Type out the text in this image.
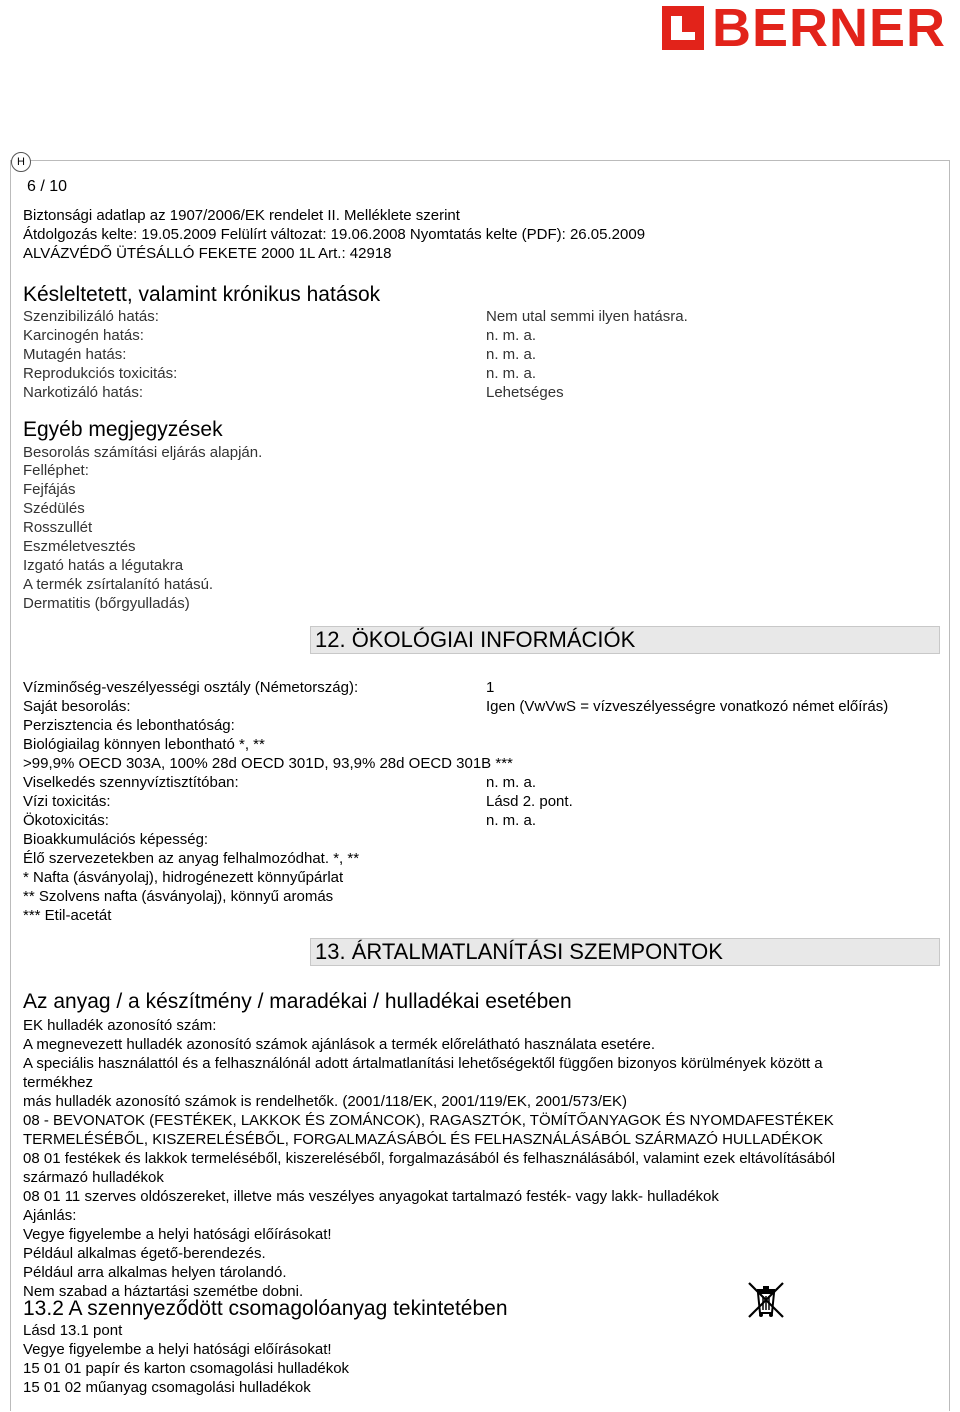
BERNER
H
6 / 10
Biztonsági adatlap az 1907/2006/EK rendelet II. Melléklete szerint
Átdolgozás kelte: 19.05.2009 Felülírt változat: 19.06.2008 Nyomtatás kelte (PDF): 26.05.2009
ALVÁZVÉDŐ ÜTÉSÁLLÓ FEKETE 2000 1L Art.: 42918
Késleltetett, valamint krónikus hatások
Szenzibilizáló hatás:	Nem utal semmi ilyen hatásra.
Karcinogén hatás:	n. m. a.
Mutagén hatás:	n. m. a.
Reprodukciós toxicitás:	n. m. a.
Narkotizáló hatás:	Lehetséges
Egyéb megjegyzések
Besorolás számítási eljárás alapján.
Felléphet:
Fejfájás
Szédülés
Rosszullét
Eszméletvesztés
Izgató hatás a légutakra
A termék zsírtalanító hatású.
Dermatitis (bőrgyulladás)
12. ÖKOLÓGIAI INFORMÁCIÓK
Vízminőség-veszélyességi osztály (Németország):	1
Saját besorolás:	Igen (VwVwS = vízveszélyességre vonatkozó német előírás)
Perzisztencia és lebonthatóság:
Biológiailag könnyen lebontható *, **
>99,9% OECD 303A, 100% 28d OECD 301D, 93,9% 28d OECD 301B ***
Viselkedés szennyvíztisztítóban:	n. m. a.
Vízi toxicitás:	Lásd 2. pont.
Ökotoxicitás:	n. m. a.
Bioakkumulációs képesség:
Élő szervezetekben az anyag felhalmozódhat. *, **
* Nafta (ásványolaj), hidrogénezett könnyűpárlat
** Szolvens nafta (ásványolaj), könnyű aromás
*** Etil-acetát
13. ÁRTALMATLANÍTÁSI SZEMPONTOK
Az anyag / a készítmény / maradékai / hulladékai esetében
EK hulladék azonosító szám:
A megnevezett hulladék azonosító számok ajánlások a termék előrelátható használata esetére.
A speciális használattól és a felhasználónál adott ártalmatlanítási lehetőségektől függően bizonyos körülmények között a
termékhez
más hulladék azonosító számok is rendelhetők. (2001/118/EK, 2001/119/EK, 2001/573/EK)
08 - BEVONATOK (FESTÉKEK, LAKKOK ÉS ZOMÁNCOK), RAGASZTÓK, TÖMÍTŐANYAGOK ÉS NYOMDAFESTÉKEK
TERMELÉSÉBŐL, KISZERELÉSÉBŐL, FORGALMAZÁSÁBÓL ÉS FELHASZNÁLÁSÁBÓL SZÁRMAZÓ HULLADÉKOK
08 01 festékek és lakkok termeléséből, kiszereléséből, forgalmazásából és felhasználásából, valamint ezek eltávolításából
származó hulladékok
08 01 11 szerves oldószereket, illetve más veszélyes anyagokat tartalmazó festék- vagy lakk- hulladékok
Ajánlás:
Vegye figyelembe a helyi hatósági előírásokat!
Például alkalmas égető-berendezés.
Például arra alkalmas helyen tárolandó.
Nem szabad a háztartási szemétbe dobni.
13.2 A szennyeződött csomagolóanyag tekintetében
Lásd 13.1 pont
Vegye figyelembe a helyi hatósági előírásokat!
15 01 01 papír és karton csomagolási hulladékok
15 01 02 műanyag csomagolási hulladékok
